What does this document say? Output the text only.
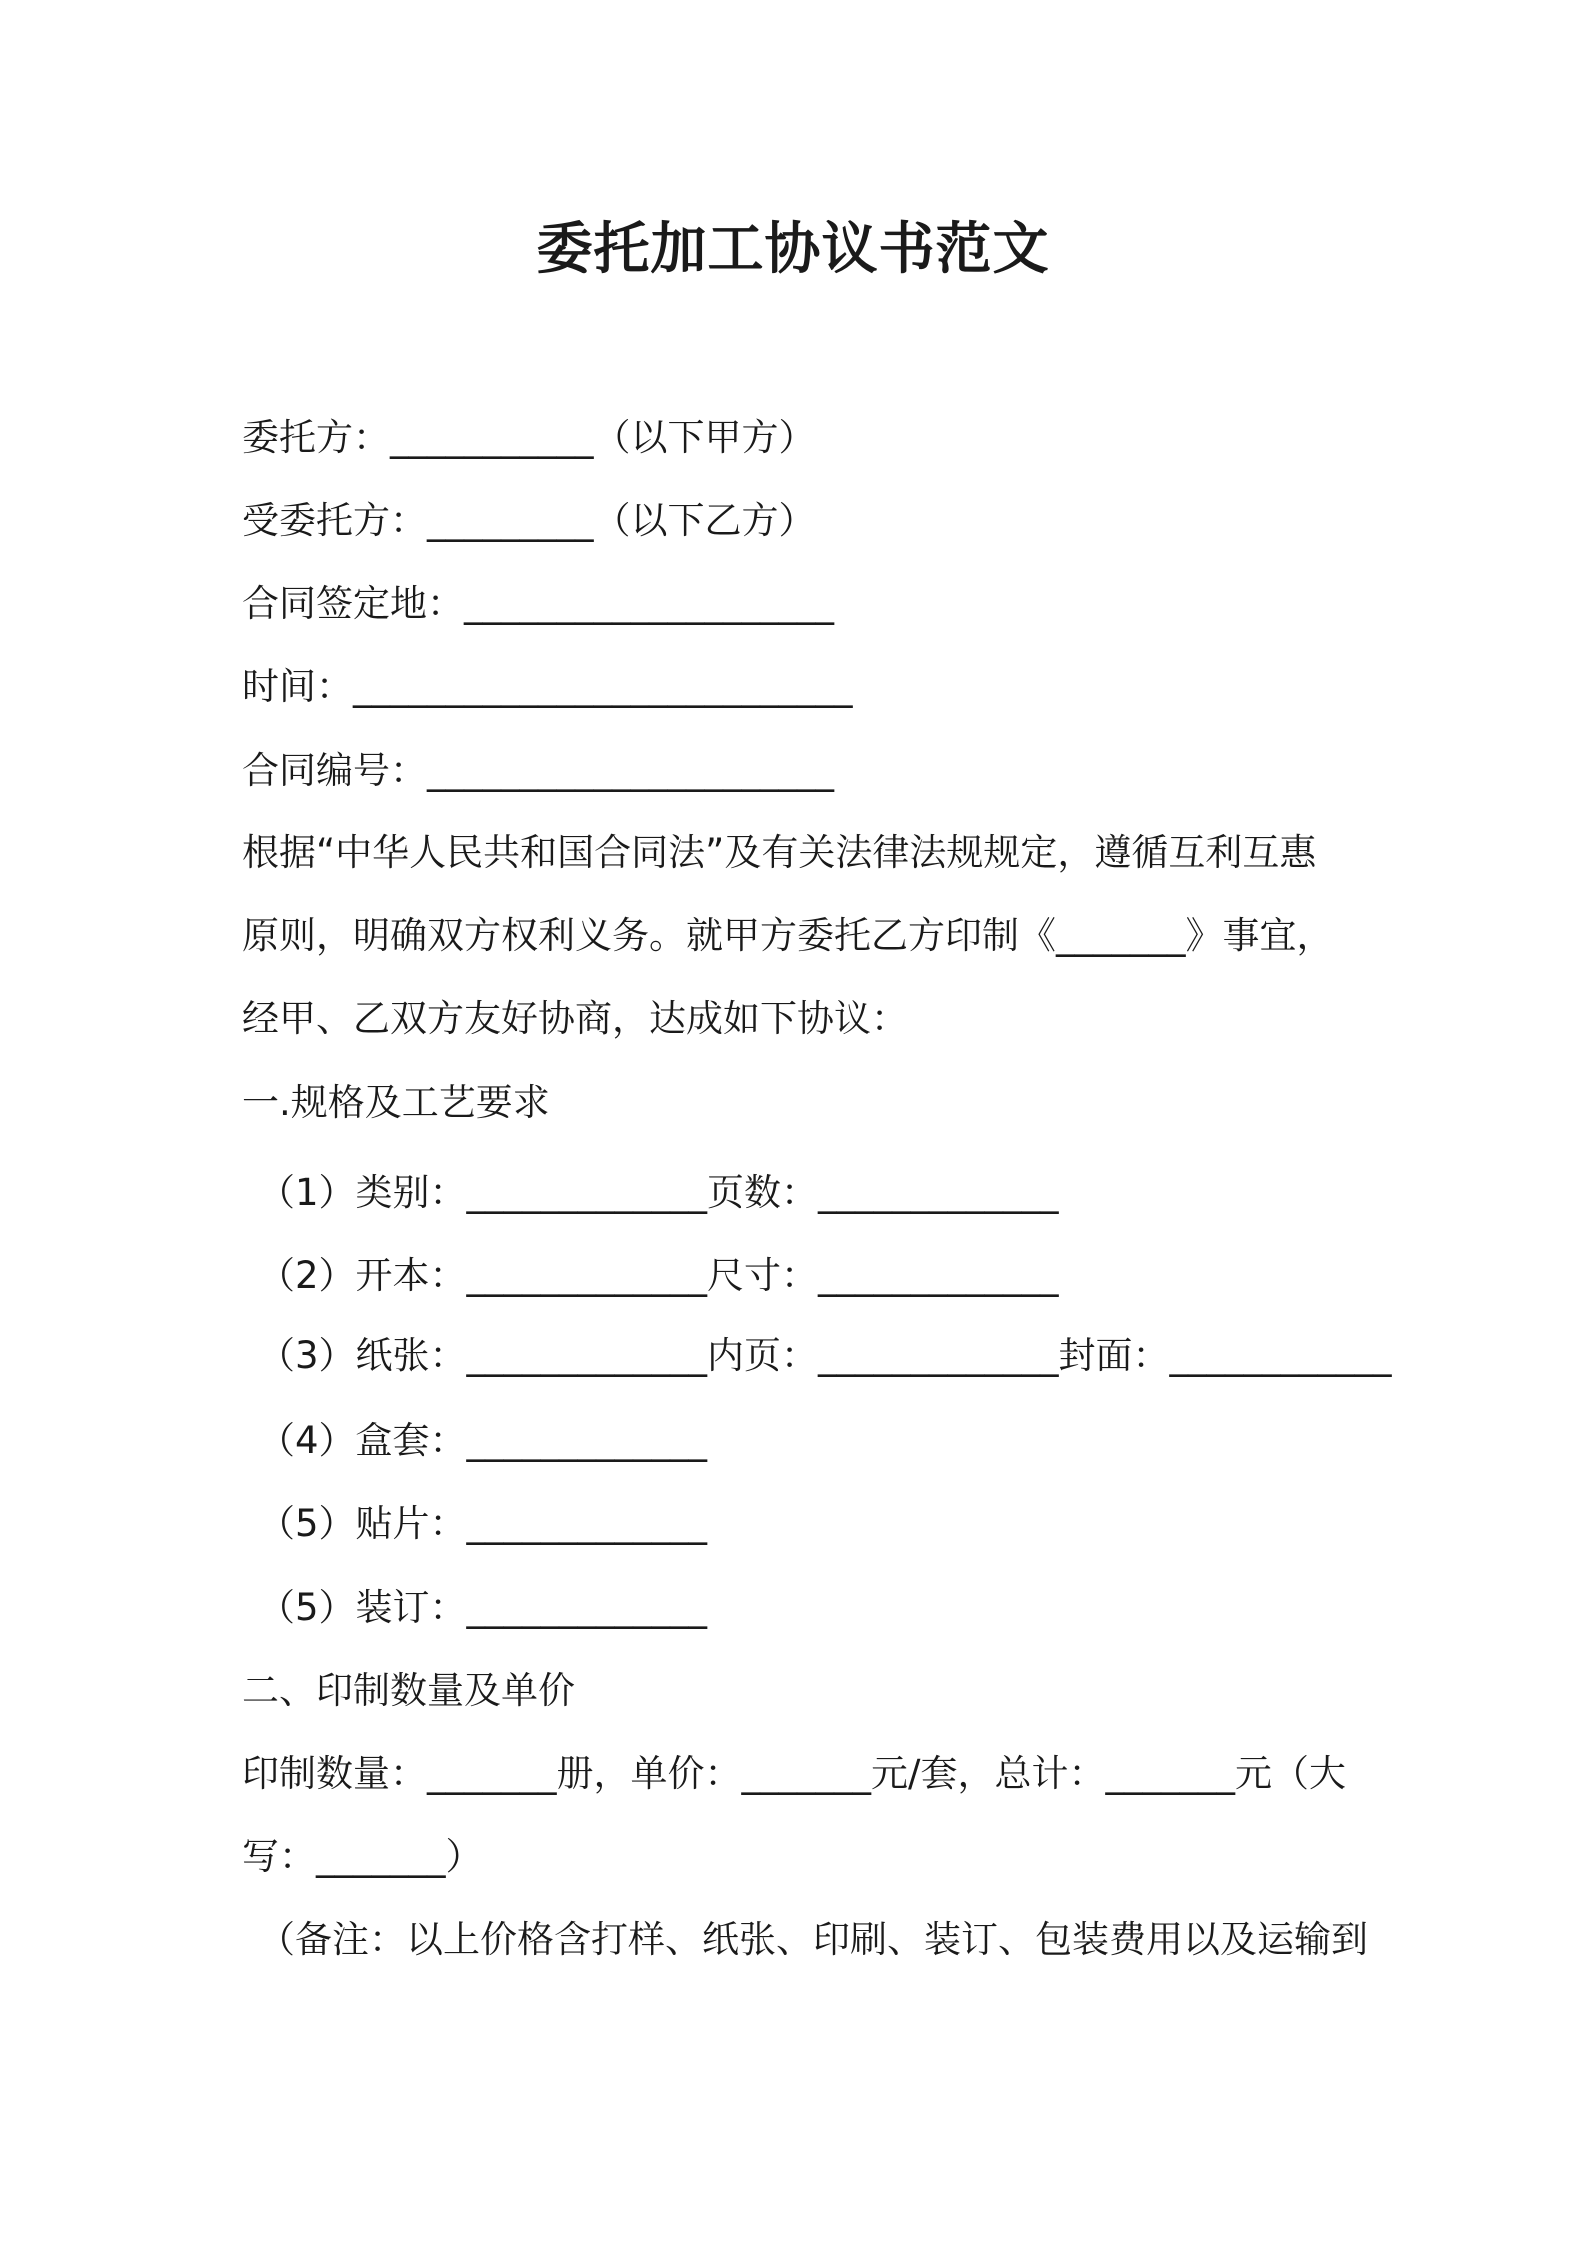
委托加工协议书范文
委托方：___________（以下甲方）
受委托方：_________（以下乙方）
合同签定地：____________________
时间：___________________________
合同编号：______________________
根据“中华人民共和国合同法”及有关法律法规规定，遵循互利互惠
原则，明确双方权利义务。就甲方委托乙方印制《_______》事宜，
经甲、乙双方友好协商，达成如下协议：
一.规格及工艺要求
（1）类别：_____________页数：_____________
（2）开本：_____________尺寸：_____________
（3）纸张：_____________内页：_____________封面：____________
（4）盒套：_____________
（5）贴片：_____________
（5）装订：_____________
二、印制数量及单价
印制数量：_______册，单价：_______元/套，总计：_______元（大
写：_______）
（备注：以上价格含打样、纸张、印刷、装订、包装费用以及运输到
